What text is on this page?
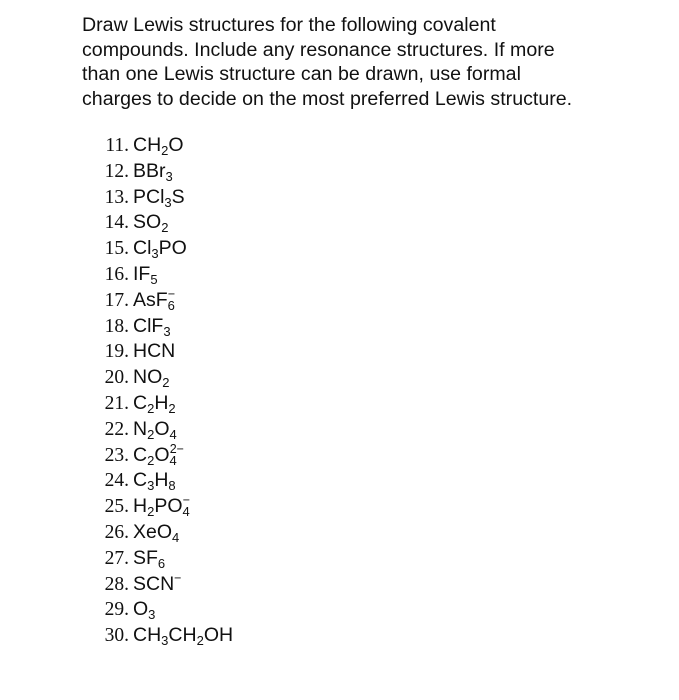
Draw Lewis structures for the following covalent
compounds. Include any resonance structures. If more
than one Lewis structure can be drawn, use formal
charges to decide on the most preferred Lewis structure.

11. $CH_2O$
12. BBr$_3$
13. PCl$_3$S
14. $SO_2$
15. $Cl_3PO$
16. $IF_5$
17. AsF$_6$−
18. ClF$_3$
19. HCN
20. $NO_2$
21. $C_2H_2$
22. $N_2O_4$
23. $C_2O_4^{2-}$
24. $C_3H_8$
25. $H_2PO_4^-$
26. XeO$_4$
27. $SF_6$
28. SCN−
29. $O_3$
30. $CH_3CH_2OH$
